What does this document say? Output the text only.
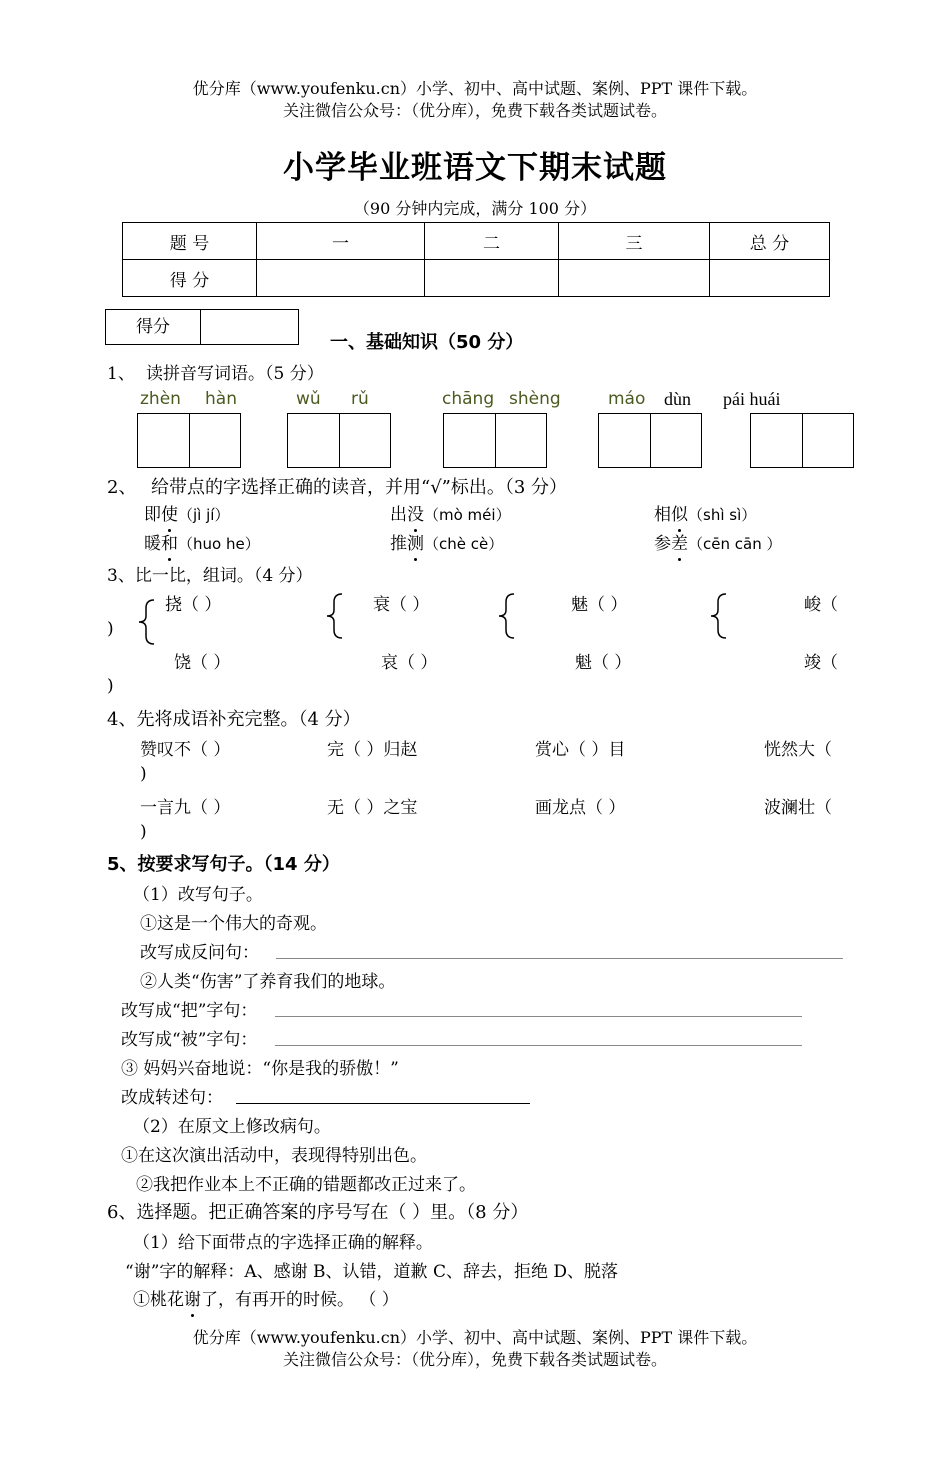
优分库（www.youfenku.cn）小学、初中、高中试题、案例、PPT 课件下载。
关注微信公众号：（优分库），免费下载各类试题试卷。
小学毕业班语文下期末试题
（90 分钟内完成，满分 100 分）
题 号	一	二	三	总 分
得 分				
得分
一、基础知识（50 分）
1、 读拼音写词语。（5 分）
zhèn hàn	wǔ rǔ	chāng shèng	máo dùn pái huái
2、 给带点的字选择正确的读音，并用“√”标出。（3 分）
即使（jì jí）	出没（mò méi）	相似（shì sì）
暖和（huo he）	推测（chè cè）	参差（cēn cān ）
3、比一比，组词。（4 分）
挠（ ）	衰（ ）	魅（ ）	峻（
)
饶（ ）	哀（ ）	魁（ ）	竣（
)
4、先将成语补充完整。（4 分）
赞叹不（ ）	完（ ）归赵	赏心（ ）目	恍然大（
)
一言九（ ）	无（ ）之宝	画龙点（ ）	波澜壮（
)
5、按要求写句子。（14 分）
（1）改写句子。
①这是一个伟大的奇观。
改写成反问句：
②人类“伤害”了养育我们的地球。
改写成“把”字句：
改写成“被”字句：
③ 妈妈兴奋地说：“你是我的骄傲！”
改成转述句：
（2）在原文上修改病句。
①在这次演出活动中，表现得特别出色。
②我把作业本上不正确的错题都改正过来了。
6、选择题。把正确答案的序号写在（ ）里。（8 分）
（1）给下面带点的字选择正确的解释。
“谢”字的解释：A、感谢 B、认错，道歉 C、辞去，拒绝 D、脱落
①桃花谢了，有再开的时候。 （ ）
优分库（www.youfenku.cn）小学、初中、高中试题、案例、PPT 课件下载。
关注微信公众号：（优分库），免费下载各类试题试卷。
